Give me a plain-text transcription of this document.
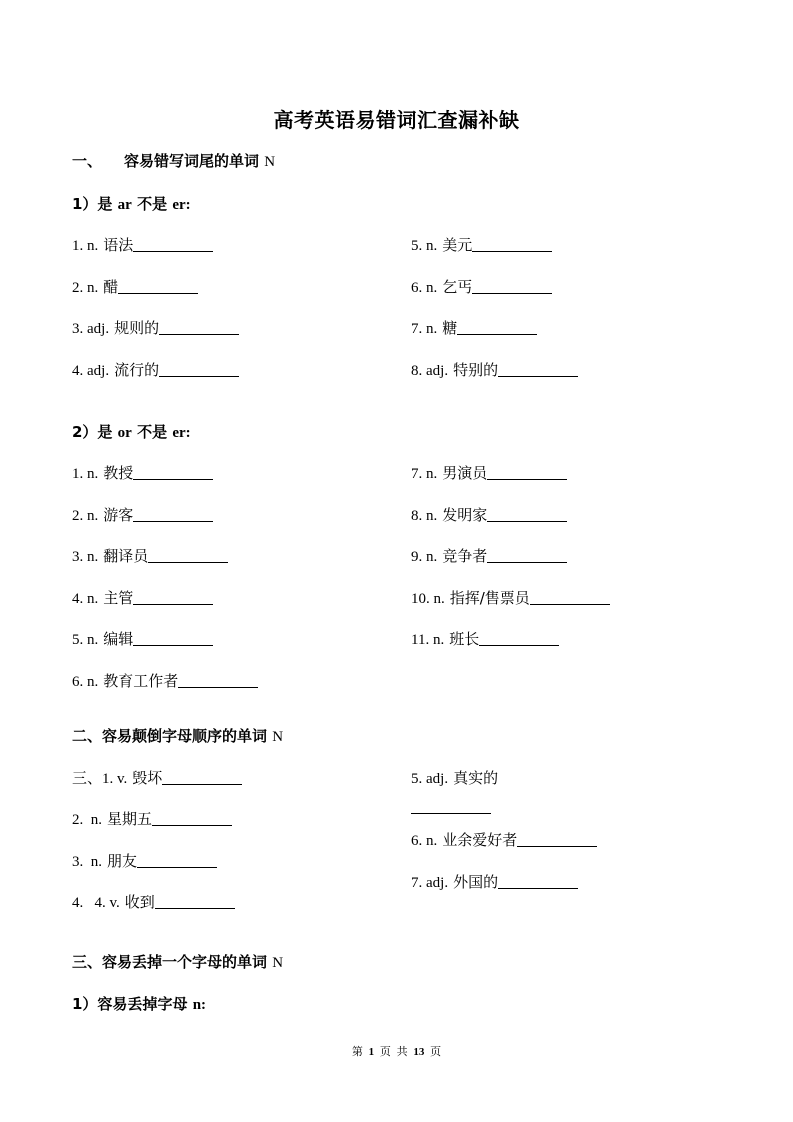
高考英语易错词汇查漏补缺
一、 容易错写词尾的单词 N
1）是 ar 不是 er:
1. n. 语法
2. n. 醋
3. adj. 规则的
4. adj. 流行的
5. n. 美元
6. n. 乞丐
7. n. 糖
8. adj. 特别的
2）是 or 不是 er:
1. n. 教授
2. n. 游客
3. n. 翻译员
4. n. 主管
5. n. 编辑
6. n. 教育工作者
7. n. 男演员
8. n. 发明家
9. n. 竞争者
10. n. 指挥/售票员
11. n. 班长
二、容易颠倒字母顺序的单词 N
三、1. v. 毁坏
2.  n. 星期五
3.  n. 朋友
4.   4. v. 收到
5. adj. 真实的
6. n. 业余爱好者
7. adj. 外国的
三、容易丢掉一个字母的单词 N
1）容易丢掉字母 n:
第 1 页 共 13 页
